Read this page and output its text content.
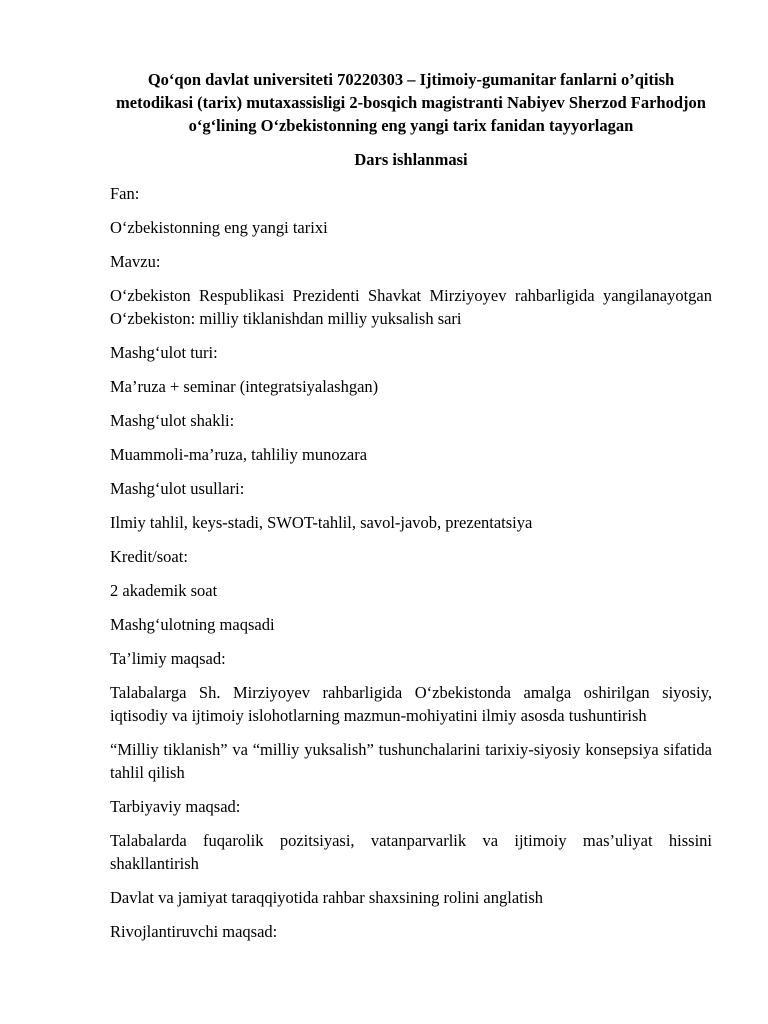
Qo‘qon davlat universiteti 70220303 – Ijtimoiy-gumanitar fanlarni o’qitish metodikasi (tarix) mutaxassisligi 2-bosqich magistranti Nabiyev Sherzod Farhodjon o‘g‘lining O‘zbekistonning eng yangi tarix fanidan tayyorlagan

Dars ishlanmasi

Fan:

O‘zbekistonning eng yangi tarixi

Mavzu:

O‘zbekiston Respublikasi Prezidenti Shavkat Mirziyoyev rahbarligida yangilanayotgan O‘zbekiston: milliy tiklanishdan milliy yuksalish sari

Mashg‘ulot turi:

Ma’ruza + seminar (integratsiyalashgan)

Mashg‘ulot shakli:

Muammoli-ma’ruza, tahliliy munozara

Mashg‘ulot usullari:

Ilmiy tahlil, keys-stadi, SWOT-tahlil, savol-javob, prezentatsiya

Kredit/soat:

2 akademik soat

Mashg‘ulotning maqsadi

Ta’limiy maqsad:

Talabalarga Sh. Mirziyoyev rahbarligida O‘zbekistonda amalga oshirilgan siyosiy, iqtisodiy va ijtimoiy islohotlarning mazmun-mohiyatini ilmiy asosda tushuntirish

“Milliy tiklanish” va “milliy yuksalish” tushunchalarini tarixiy-siyosiy konsepsiya sifatida tahlil qilish

Tarbiyaviy maqsad:

Talabalarda fuqarolik pozitsiyasi, vatanparvarlik va ijtimoiy mas’uliyat hissini shakllantirish

Davlat va jamiyat taraqqiyotida rahbar shaxsining rolini anglatish

Rivojlantiruvchi maqsad:
